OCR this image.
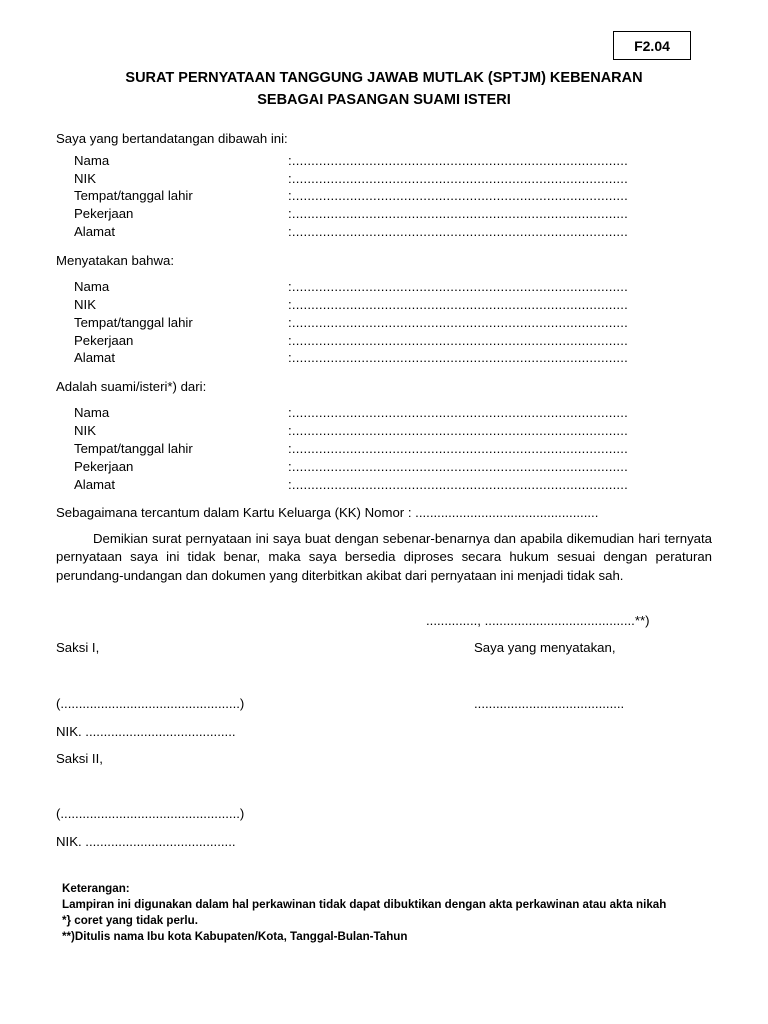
F2.04
SURAT PERNYATAAN TANGGUNG JAWAB MUTLAK (SPTJM) KEBENARAN
SEBAGAI PASANGAN SUAMI ISTERI
Saya yang bertandatangan dibawah ini:
Nama	:.......................................................................................
NIK	:.......................................................................................
Tempat/tanggal lahir	:.......................................................................................
Pekerjaan	:.......................................................................................
Alamat	:.......................................................................................
Menyatakan bahwa:
Nama	:.......................................................................................
NIK	:.......................................................................................
Tempat/tanggal lahir	:.......................................................................................
Pekerjaan	:.......................................................................................
Alamat	:.......................................................................................
Adalah suami/isteri*) dari:
Nama	:.......................................................................................
NIK	:.......................................................................................
Tempat/tanggal lahir	:.......................................................................................
Pekerjaan	:.......................................................................................
Alamat	:.......................................................................................
Sebagaimana tercantum dalam Kartu Keluarga (KK) Nomor : ..................................................
Demikian surat pernyataan ini saya buat dengan sebenar-benarnya dan apabila dikemudian hari ternyata pernyataan saya ini tidak benar, maka saya bersedia diproses secara hukum sesuai dengan peraturan perundang-undangan dan dokumen yang diterbitkan akibat dari pernyataan ini menjadi tidak sah.
.............., .........................................**)
Saksi I,	Saya yang menyatakan,
(.................................................)	.........................................
NIK. .........................................
Saksi II,
(.................................................)
NIK. .........................................
Keterangan:
Lampiran ini digunakan dalam hal perkawinan tidak dapat dibuktikan dengan akta perkawinan atau akta nikah
*} coret yang tidak perlu.
**)Ditulis nama Ibu kota Kabupaten/Kota, Tanggal-Bulan-Tahun
